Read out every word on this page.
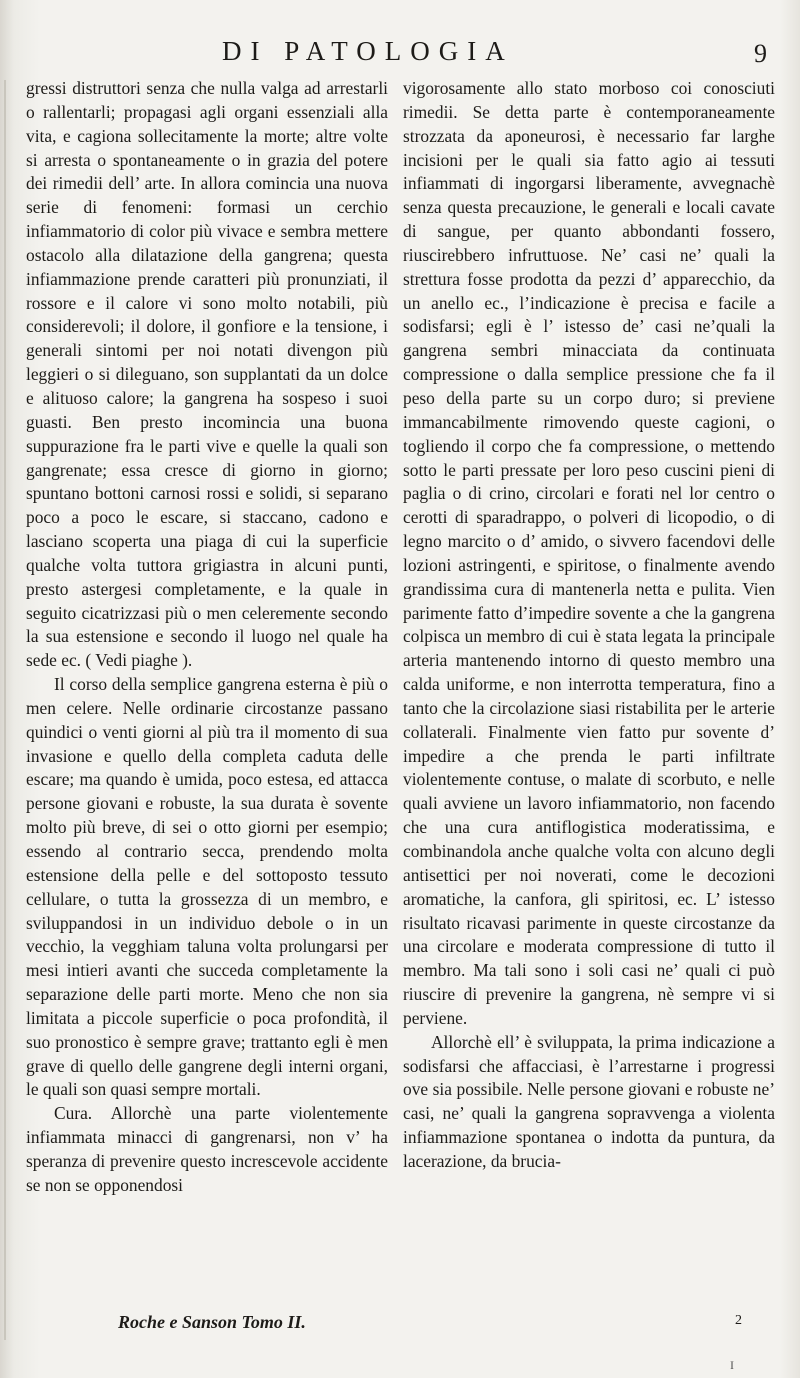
DI PATOLOGIA	9

gressi distruttori senza che nulla valga ad arrestarli o rallentarli; propagasi agli organi essenziali alla vita, e cagiona sollecitamente la morte; altre volte si arresta o spontaneamente o in grazia del potere dei rimedii dell’ arte. In allora comincia una nuova serie di fenomeni: formasi un cerchio infiammatorio di color più vivace e sembra mettere ostacolo alla dilatazione della gangrena; questa infiammazione prende caratteri più pronunziati, il rossore e il calore vi sono molto notabili, più considerevoli; il dolore, il gonfiore e la tensione, i generali sintomi per noi notati divengon più leggieri o si dileguano, son supplantati da un dolce e alituoso calore; la gangrena ha sospeso i suoi guasti. Ben presto incomincia una buona suppurazione fra le parti vive e quelle la quali son gangrenate; essa cresce di giorno in giorno; spuntano bottoni carnosi rossi e solidi, si separano poco a poco le escare, si staccano, cadono e lasciano scoperta una piaga di cui la superficie qualche volta tuttora grigiastra in alcuni punti, presto astergesi completamente, e la quale in seguito cicatrizzasi più o men celeremente secondo la sua estensione e secondo il luogo nel quale ha sede ec. ( Vedi piaghe ).

Il corso della semplice gangrena esterna è più o men celere. Nelle ordinarie circostanze passano quindici o venti giorni al più tra il momento di sua invasione e quello della completa caduta delle escare; ma quando è umida, poco estesa, ed attacca persone giovani e robuste, la sua durata è sovente molto più breve, di sei o otto giorni per esempio; essendo al contrario secca, prendendo molta estensione della pelle e del sottoposto tessuto cellulare, o tutta la grossezza di un membro, e sviluppandosi in un individuo debole o in un vecchio, la vegghiam taluna volta prolungarsi per mesi intieri avanti che succeda completamente la separazione delle parti morte. Meno che non sia limitata a piccole superficie o poca profondità, il suo pronostico è sempre grave; trattanto egli è men grave di quello delle gangrene degli interni organi, le quali son quasi sempre mortali.

Cura. Allorchè una parte violentemente infiammata minacci di gangrenarsi, non v’ ha speranza di prevenire questo increscevole accidente se non se opponendosi

vigorosamente allo stato morboso coi conosciuti rimedii. Se detta parte è contemporaneamente strozzata da aponeurosi, è necessario far larghe incisioni per le quali sia fatto agio ai tessuti infiammati di ingorgarsi liberamente, avvegnachè senza questa precauzione, le generali e locali cavate di sangue, per quanto abbondanti fossero, riuscirebbero infruttuose. Ne’ casi ne’ quali la strettura fosse prodotta da pezzi d’ apparecchio, da un anello ec., l’indicazione è precisa e facile a sodisfarsi; egli è l’ istesso de’ casi ne’quali la gangrena sembri minacciata da continuata compressione o dalla semplice pressione che fa il peso della parte su un corpo duro; si previene immancabilmente rimovendo queste cagioni, o togliendo il corpo che fa compressione, o mettendo sotto le parti pressate per loro peso cuscini pieni di paglia o di crino, circolari e forati nel lor centro o cerotti di sparadrappo, o polveri di licopodio, o di legno marcito o d’ amido, o sivvero facendovi delle lozioni astringenti, e spiritose, o finalmente avendo grandissima cura di mantenerla netta e pulita. Vien parimente fatto d’impedire sovente a che la gangrena colpisca un membro di cui è stata legata la principale arteria mantenendo intorno di questo membro una calda uniforme, e non interrotta temperatura, fino a tanto che la circolazione siasi ristabilita per le arterie collaterali. Finalmente vien fatto pur sovente d’ impedire a che prenda le parti infiltrate violentemente contuse, o malate di scorbuto, e nelle quali avviene un lavoro infiammatorio, non facendo che una cura antiflogistica moderatissima, e combinandola anche qualche volta con alcuno degli antisettici per noi noverati, come le decozioni aromatiche, la canfora, gli spiritosi, ec. L’ istesso risultato ricavasi parimente in queste circostanze da una circolare e moderata compressione di tutto il membro. Ma tali sono i soli casi ne’ quali ci può riuscire di prevenire la gangrena, nè sempre vi si perviene.

Allorchè ell’ è sviluppata, la prima indicazione a sodisfarsi che affacciasi, è l’arrestarne i progressi ove sia possibile. Nelle persone giovani e robuste ne’ casi, ne’ quali la gangrena sopravvenga a violenta infiammazione spontanea o indotta da puntura, da lacerazione, da brucia-

Roche e Sanson Tomo II.	2
I
